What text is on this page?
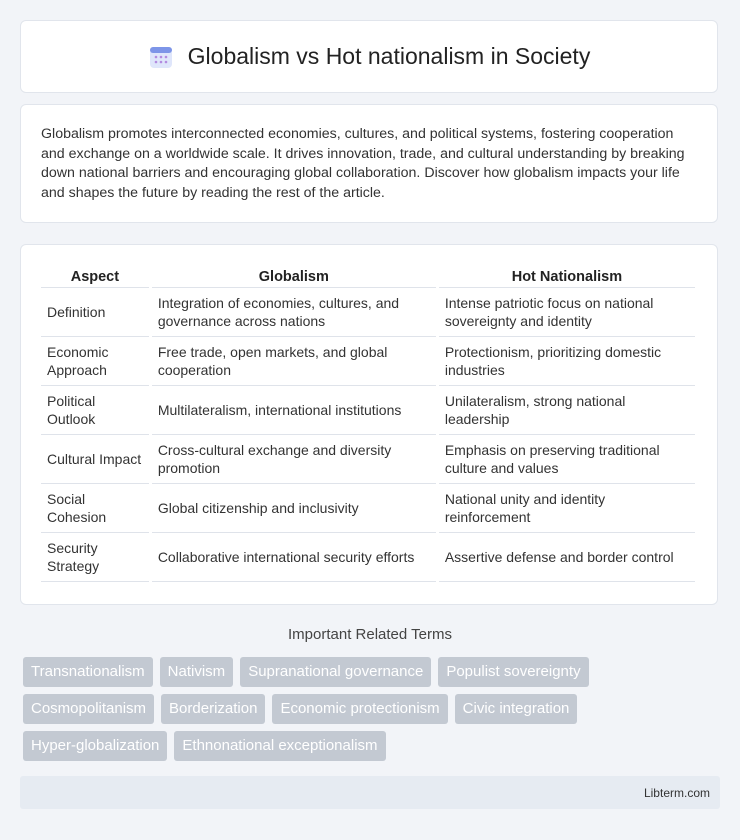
Globalism vs Hot nationalism in Society

Globalism promotes interconnected economies, cultures, and political systems, fostering cooperation and exchange on a worldwide scale. It drives innovation, trade, and cultural understanding by breaking down national barriers and encouraging global collaboration. Discover how globalism impacts your life and shapes the future by reading the rest of the article.

Aspect	Globalism	Hot Nationalism
Definition	Integration of economies, cultures, and governance across nations	Intense patriotic focus on national sovereignty and identity
Economic Approach	Free trade, open markets, and global cooperation	Protectionism, prioritizing domestic industries
Political Outlook	Multilateralism, international institutions	Unilateralism, strong national leadership
Cultural Impact	Cross-cultural exchange and diversity promotion	Emphasis on preserving traditional culture and values
Social Cohesion	Global citizenship and inclusivity	National unity and identity reinforcement
Security Strategy	Collaborative international security efforts	Assertive defense and border control
Important Related Terms
Transnationalism	Nativism	Supranational governance	Populist sovereignty
Cosmopolitanism	Borderization	Economic protectionism	Civic integration
Hyper-globalization	Ethnonational exceptionalism
Libterm.com
